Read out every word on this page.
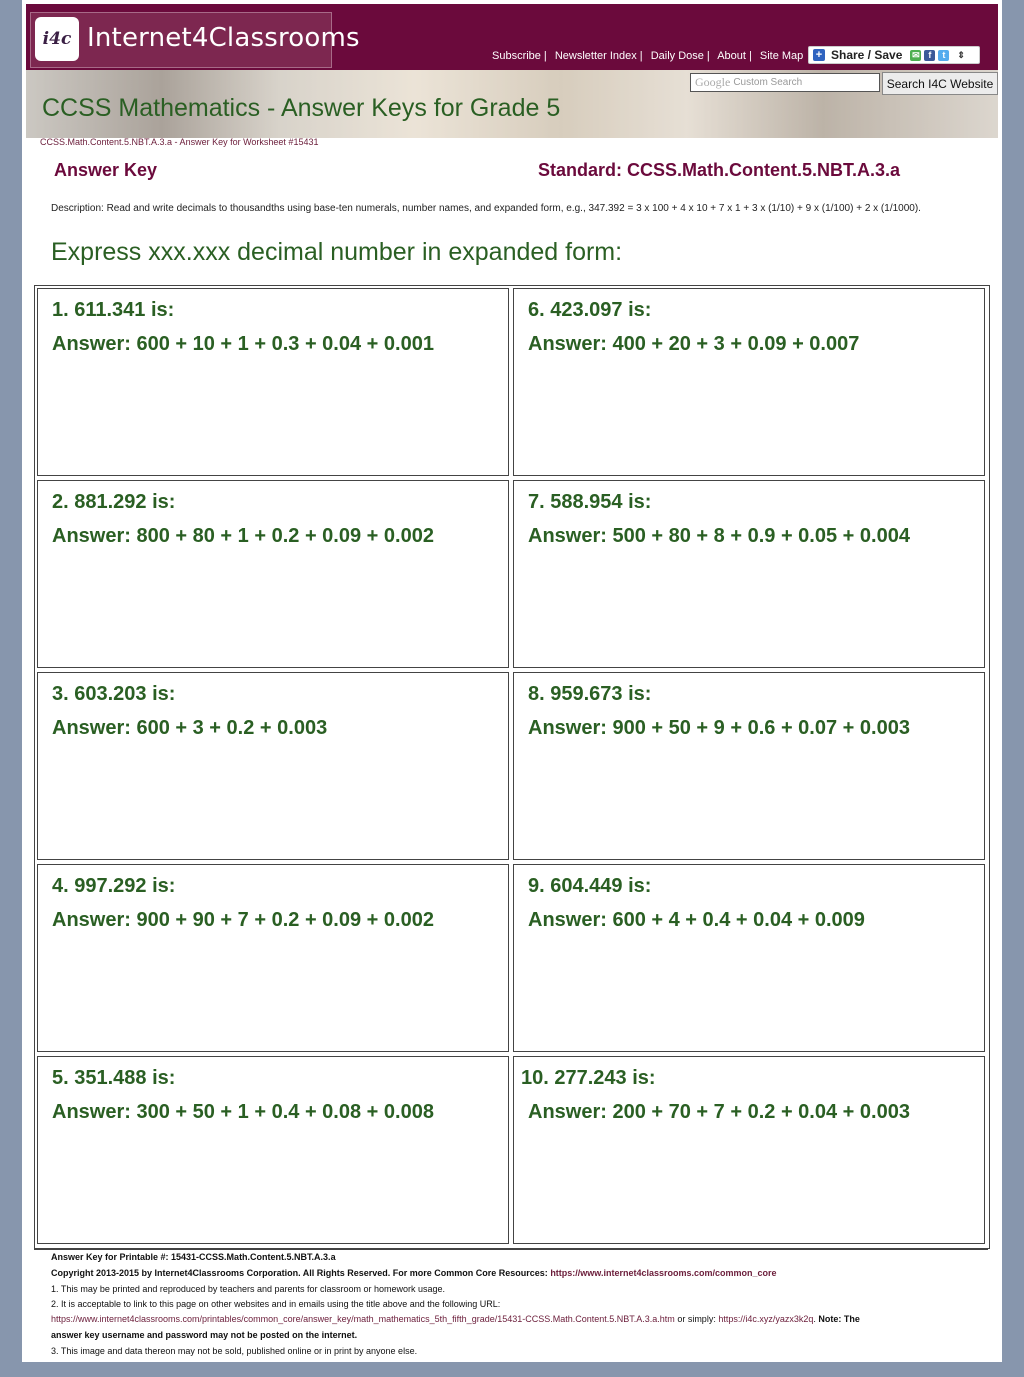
i4c Internet4Classrooms
Subscribe | Newsletter Index | Daily Dose | About | Site Map + Share / Save ✉ f	t	⇕
Google Custom Search	Search I4C Website
CCSS Mathematics - Answer Keys for Grade 5
CCSS.Math.Content.5.NBT.A.3.a - Answer Key for Worksheet #15431
Answer Key	Standard: CCSS.Math.Content.5.NBT.A.3.a
Description: Read and write decimals to thousandths using base-ten numerals, number names, and expanded form, e.g., 347.392 = 3 x 100 + 4 x 10 + 7 x 1 + 3 x (1/10) + 9 x (1/100) + 2 x (1/1000).
Express xxx.xxx decimal number in expanded form:
1. 611.341 is:
Answer: 600 + 10 + 1 + 0.3 + 0.04 + 0.001
6. 423.097 is:
Answer: 400 + 20 + 3 + 0.09 + 0.007
2. 881.292 is:
Answer: 800 + 80 + 1 + 0.2 + 0.09 + 0.002
7. 588.954 is:
Answer: 500 + 80 + 8 + 0.9 + 0.05 + 0.004
3. 603.203 is:
Answer: 600 + 3 + 0.2 + 0.003
8. 959.673 is:
Answer: 900 + 50 + 9 + 0.6 + 0.07 + 0.003
4. 997.292 is:
Answer: 900 + 90 + 7 + 0.2 + 0.09 + 0.002
9. 604.449 is:
Answer: 600 + 4 + 0.4 + 0.04 + 0.009
5. 351.488 is:
Answer: 300 + 50 + 1 + 0.4 + 0.08 + 0.008
10. 277.243 is:
Answer: 200 + 70 + 7 + 0.2 + 0.04 + 0.003
Answer Key for Printable #: 15431-CCSS.Math.Content.5.NBT.A.3.a
Copyright 2013-2015 by Internet4Classrooms Corporation. All Rights Reserved. For more Common Core Resources: https://www.internet4classrooms.com/common_core
1. This may be printed and reproduced by teachers and parents for classroom or homework usage.
2. It is acceptable to link to this page on other websites and in emails using the title above and the following URL:
https://www.internet4classrooms.com/printables/common_core/answer_key/math_mathematics_5th_fifth_grade/15431-CCSS.Math.Content.5.NBT.A.3.a.htm or simply: https://i4c.xyz/yazx3k2q. Note: The
answer key username and password may not be posted on the internet.
3. This image and data thereon may not be sold, published online or in print by anyone else.
